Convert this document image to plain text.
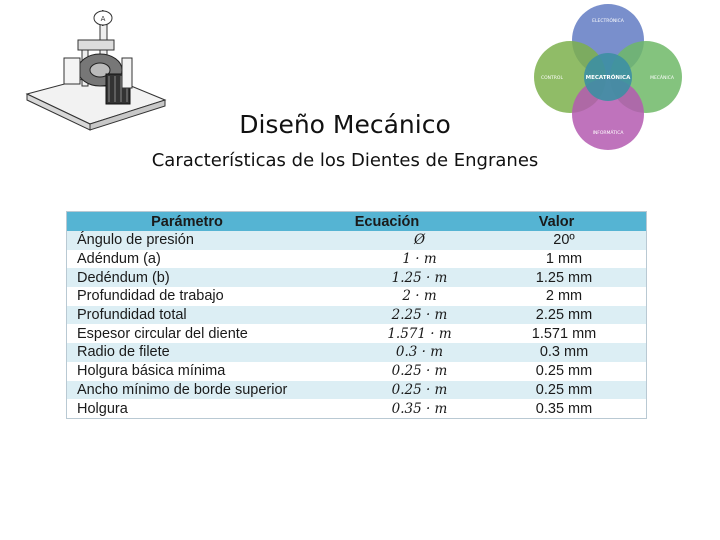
A	ELECTRÓNICA
CONTROL	MECATRÓNICA	MECÁNICA
INFORMÁTICA
Diseño Mecánico
Características de los Dientes de Engranes
Parámetro	Ecuación	Valor
Ángulo de presión	Ø	20º
Adéndum (a)	1 · m	1 mm
Dedéndum (b)	1.25 · m	1.25 mm
Profundidad de trabajo	2 · m	2 mm
Profundidad total	2.25 · m	2.25 mm
Espesor circular del diente	1.571 · m	1.571 mm
Radio de filete	0.3 · m	0.3 mm
Holgura básica mínima	0.25 · m	0.25 mm
Ancho mínimo de borde superior	0.25 · m	0.25 mm
Holgura	0.35 · m	0.35 mm
